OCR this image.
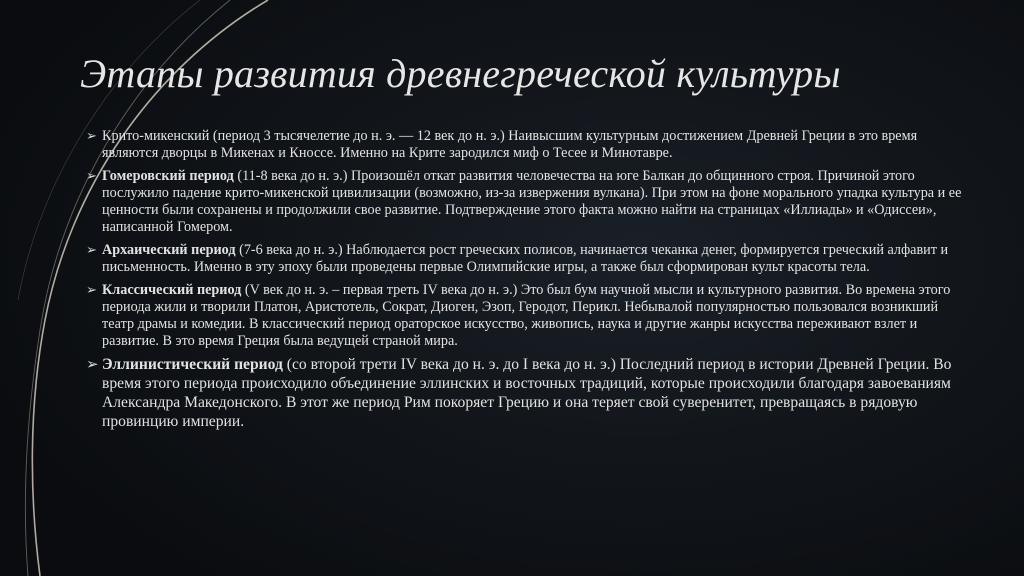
Этапы развития древнегреческой культуры

➢ Крито-микенский (период 3 тысячелетие до н. э. — 12 век до н. э.) Наивысшим культурным достижением Древней Греции в это время являются дворцы в Микенах и Кноссе. Именно на Крите зародился миф о Тесее и Минотавре.

➢ Гомеровский период (11-8 века до н. э.) Произошёл откат развития человечества на юге Балкан до общинного строя. Причиной этого послужило падение крито-микенской цивилизации (возможно, из-за извержения вулкана). При этом на фоне морального упадка культура и ее ценности были сохранены и продолжили свое развитие. Подтверждение этого факта можно найти на страницах «Иллиады» и «Одиссеи», написанной Гомером.

➢ Архаический период (7-6 века до н. э.) Наблюдается рост греческих полисов, начинается чеканка денег, формируется греческий алфавит и письменность. Именно в эту эпоху были проведены первые Олимпийские игры, а также был сформирован культ красоты тела.

➢ Классический период (V век до н. э. – первая треть IV века до н. э.) Это был бум научной мысли и культурного развития. Во времена этого периода жили и творили Платон, Аристотель, Сократ, Диоген, Эзоп, Геродот, Перикл. Небывалой популярностью пользовался возникший театр драмы и комедии. В классический период ораторское искусство, живопись, наука и другие жанры искусства переживают взлет и развитие. В это время Греция была ведущей страной мира.

➢ Эллинистический период (со второй трети IV века до н. э. до I века до н. э.) Последний период в истории Древней Греции. Во время этого периода происходило объединение эллинских и восточных традиций, которые происходили благодаря завоеваниям Александра Македонского. В этот же период Рим покоряет Грецию и она теряет свой суверенитет, превращаясь в рядовую провинцию империи.
